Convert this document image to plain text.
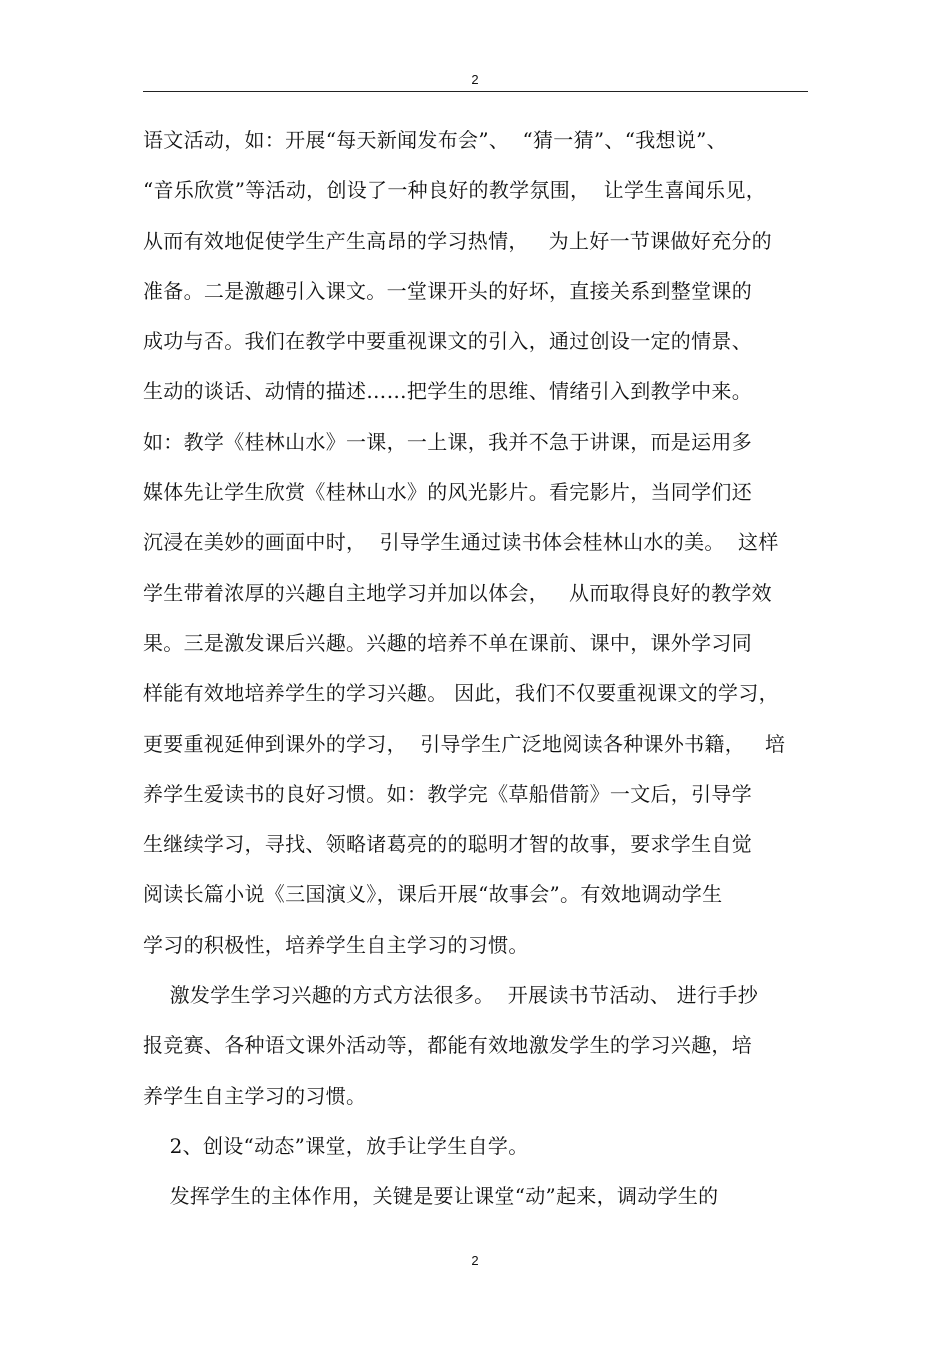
2
语文活动，如：开展“每天新闻发布会”、  “猜一猜”、“我想说”、
“音乐欣赏”等活动，创设了一种良好的教学氛围，  让学生喜闻乐见，
从而有效地促使学生产生高昂的学习热情，   为上好一节课做好充分的
准备。二是激趣引入课文。一堂课开头的好坏，直接关系到整堂课的
成功与否。我们在教学中要重视课文的引入，通过创设一定的情景、
生动的谈话、动情的描述……把学生的思维、情绪引入到教学中来。
如：教学《桂林山水》一课，一上课，我并不急于讲课，而是运用多
媒体先让学生欣赏《桂林山水》的风光影片。看完影片，当同学们还
沉浸在美妙的画面中时，  引导学生通过读书体会桂林山水的美。  这样
学生带着浓厚的兴趣自主地学习并加以体会，   从而取得良好的教学效
果。三是激发课后兴趣。兴趣的培养不单在课前、课中，课外学习同
样能有效地培养学生的学习兴趣。 因此，我们不仅要重视课文的学习，
更要重视延伸到课外的学习，  引导学生广泛地阅读各种课外书籍，   培
养学生爱读书的良好习惯。如：教学完《草船借箭》一文后，引导学
生继续学习，寻找、领略诸葛亮的的聪明才智的故事，要求学生自觉
阅读长篇小说《三国演义》，课后开展“故事会”。有效地调动学生
学习的积极性，培养学生自主学习的习惯。
激发学生学习兴趣的方式方法很多。  开展读书节活动、 进行手抄
报竞赛、各种语文课外活动等，都能有效地激发学生的学习兴趣，培
养学生自主学习的习惯。
2、创设“动态”课堂，放手让学生自学。
发挥学生的主体作用，关键是要让课堂“动”起来，调动学生的
2
